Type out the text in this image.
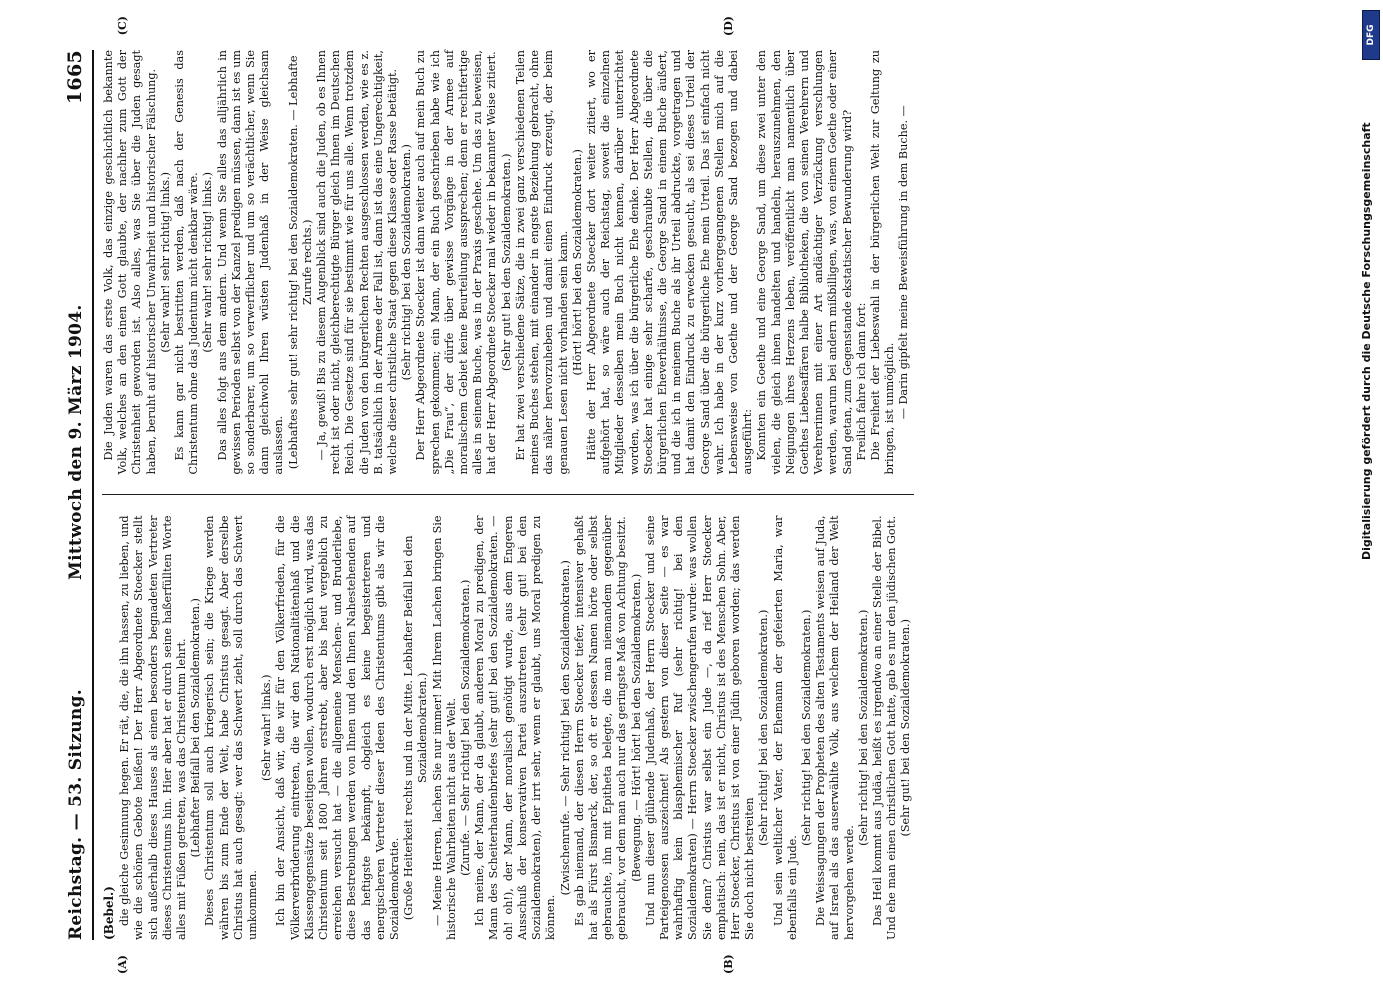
Reichstag. — 53. Sitzung.
Mittwoch den 9. März 1904.
1665
(A)	(B)
(Bebel.) die gleiche Gesinnung hegen. Er rät, die, die ihn hassen, zu lieben, und wie die schönen Gebote heißen! Der Herr Abgeordnete Stoecker stellt sich außerhalb dieses Hauses als einen besonders begnadeten Vertreter dieses Christentums hin. Hier aber hat er durch seine haßerfüllten Worte alles mit Füßen getreten, was das Christentum lehrt. (Lebhafter Beifall bei den Sozialdemokraten.) Dieses Christentum soll auch kriegerisch sein; die Kriege werden währen bis zum Ende der Welt, habe Christus gesagt. Aber derselbe Christus hat auch gesagt: wer das Schwert zieht, soll durch das Schwert umkommen.

(Sehr wahr! links.) Ich bin der Ansicht, daß wir, die wir für den Völkerfrieden, für die Völkerverbrüderung eintreten, die wir den Nationalitätenhaß und die Klassengegensätze beseitigen wollen, wodurch erst möglich wird, was das Christentum seit 1800 Jahren erstrebt, aber bis heut vergeblich zu erreichen versucht hat — die allgemeine Menschen- und Bruderliebe, diese Bestrebungen werden von Ihnen und den Ihnen Nahestehenden auf das heftigste bekämpft, obgleich es keine begeisterteren und energischeren Vertreter dieser Ideen des Christentums gibt als wir die Sozialdemokratie. (Große Heiterkeit rechts und in der Mitte. Lebhafter Beifall bei den Sozialdemokraten.) — Meine Herren, lachen Sie nur immer! Mit Ihrem Lachen bringen Sie historische Wahrheiten nicht aus der Welt. (Zurufe. — Sehr richtig! bei den Sozialdemokraten.) Ich meine, der Mann, der da glaubt, anderen Moral zu predigen, der Mann des Scheiterhaufenbriefes (sehr gut! bei den Sozialdemokraten. — oh! oh!), der Mann, der moralisch genötigt wurde, aus dem Engeren Ausschuß der konservativen Partei auszutreten (sehr gut! bei den Sozialdemokraten), der irrt sehr, wenn er glaubt, uns Moral predigen zu können.

(Zwischenrufe. — Sehr richtig! bei den Sozialdemokraten.) Es gab niemand, der diesen Herrn Stoecker tiefer, intensiver gehaßt hat als Fürst Bismarck, der, so oft er dessen Namen hörte oder selbst gebrauchte, ihn mit Epitheta belegte, die man niemandem gegenüber gebraucht, vor dem man auch nur das geringste Maß von Achtung besitzt. (Bewegung. — Hört! hört! bei den Sozialdemokraten.) Und nun dieser glühende Judenhaß, der Herrn Stoecker und seine Parteigenossen auszeichnet! Als gestern von dieser Seite — es war wahrhaftig kein blasphemischer Ruf (sehr richtig! bei den Sozialdemokraten) — Herrn Stoecker zwischengerufen wurde: was wollen Sie denn? Christus war selbst ein Jude —, da rief Herr Stoecker emphatisch: nein, das ist er nicht, Christus ist des Menschen Sohn. Aber, Herr Stoecker, Christus ist von einer Jüdin geboren worden; das werden Sie doch nicht bestreiten

(Sehr richtig! bei den Sozialdemokraten.) Und sein weltlicher Vater, der Ehemann der gefeierten Maria, war ebenfalls ein Jude.

(Sehr richtig! bei den Sozialdemokraten.) Die Weissagungen der Propheten des alten Testaments weisen auf Juda, auf Israel als das auserwählte Volk, aus welchem der Heiland der Welt hervorgehen werde.

(Sehr richtig! bei den Sozialdemokraten.) Das Heil kommt aus Judäa, heißt es irgendwo an einer Stelle der Bibel. Und ehe man einen christlichen Gott hatte, gab es nur den jüdischen Gott. (Sehr gut! bei den Sozialdemokraten.)

(C)	(D)

Die Juden waren das erste Volk, das einzige geschichtlich bekannte Volk, welches an den einen Gott glaubte, der nachher zum Gott der Christenheit geworden ist. Also alles, was Sie über die Juden gesagt haben, beruht auf historischer Unwahrheit und historischer Fälschung. (Sehr wahr! sehr richtig! links.) Es kann gar nicht bestritten werden, daß nach der Genesis das Christentum ohne das Judentum nicht denkbar wäre. (Sehr wahr! sehr richtig! links.) Das alles folgt aus dem andern. Und wenn Sie alles das alljährlich in gewissen Perioden selbst von der Kanzel predigen müssen, dann ist es um so sonderbarer, um so verwerflicher und um so verächtlicher, wenn Sie dann gleichwohl Ihren wüsten Judenhaß in der Weise gleichsam auslassen. (Lebhaftes sehr gut! sehr richtig! bei den Sozialdemokraten. — Lebhafte Zurufe rechts.) — Ja, gewiß! Bis zu diesem Augenblick sind auch die Juden, ob es Ihnen recht ist oder nicht, gleichberechtigte Bürger gleich Ihnen im Deutschen Reich. Die Gesetze sind für sie bestimmt wie für uns alle. Wenn trotzdem die Juden von den bürgerlichen Rechten ausgeschlossen werden, wie es z. B. tatsächlich in der Armee der Fall ist, dann ist das eine Ungerechtigkeit, welche dieser christliche Staat gegen diese Klasse oder Rasse betätigt. (Sehr richtig! bei den Sozialdemokraten.) Der Herr Abgeordnete Stoecker ist dann weiter auch auf mein Buch zu sprechen gekommen; ein Mann, der ein Buch geschrieben habe wie ich „Die Frau“, der dürfe über gewisse Vorgänge in der Armee auf moralischem Gebiet keine Beurteilung aussprechen; denn er rechtfertige alles in seinem Buche, was in der Praxis geschehe. Um das zu beweisen, hat der Herr Abgeordnete Stoecker mal wieder in bekannter Weise zitiert. (Sehr gut! bei den Sozialdemokraten.) Er hat zwei verschiedene Sätze, die in zwei ganz verschiedenen Teilen meines Buches stehen, mit einander in engste Beziehung gebracht, ohne das näher hervorzuheben und damit einen Eindruck erzeugt, der beim genauen Lesen nicht vorhanden sein kann. (Hört! hört! bei den Sozialdemokraten.) Hätte der Herr Abgeordnete Stoecker dort weiter zitiert, wo er aufgehört hat, so wäre auch der Reichstag, soweit die einzelnen Mitglieder desselben mein Buch nicht kennen, darüber unterrichtet worden, was ich über die bürgerliche Ehe denke. Der Herr Abgeordnete Stoecker hat einige sehr scharfe, geschraubte Stellen, die über die bürgerlichen Eheverhältnisse, die George Sand in einem Buche äußert, und die ich in meinem Buche als ihr Urteil abdruckte, vorgetragen und hat damit den Eindruck zu erwecken gesucht, als sei dieses Urteil der George Sand über die bürgerliche Ehe mein Urteil. Das ist einfach nicht wahr. Ich habe in der kurz vorhergegangenen Stellen mich auf die Lebensweise von Goethe und der George Sand bezogen und dabei ausgeführt: Konnten ein Goethe und eine George Sand, um diese zwei unter den vielen, die gleich ihnen handelten und handeln, herauszunehmen, den Neigungen ihres Herzens leben, veröffentlicht man namentlich über Goethes Liebesaffären halbe Bibliotheken, die von seinen Verehrern und Verehrerinnen mit einer Art andächtiger Verzückung verschlungen werden, warum bei andern mißbilligen, was, von einem Goethe oder einer Sand getan, zum Gegenstande ekstatischer Bewunderung wird? Freilich fahre ich dann fort: Die Freiheit der Liebeswahl in der bürgerlichen Welt zur Geltung zu bringen, ist unmöglich. — Darin gipfelt meine Beweisführung in dem Buche. —	Digitalisierung gefördert durch die Deutsche Forschungsgemeinschaft
DFG
